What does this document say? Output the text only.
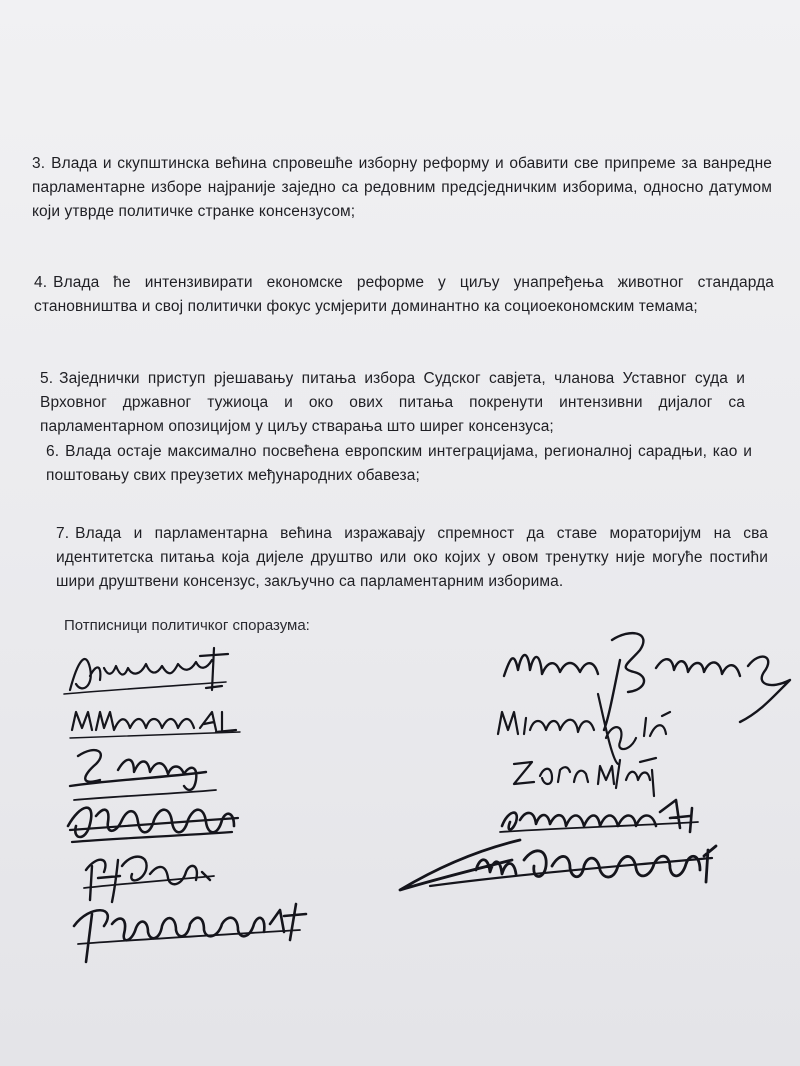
3. Влада и скупштинска већина спровешће изборну реформу и обавити све припреме за ванредне парламентарне изборе најраније заједно са редовним предсједничким изборима, односно датумом који утврде политичке странке консензусом;
4. Влада ће интензивирати економске реформе у циљу унапређења животног стандарда становништва и свој политички фокус усмјерити доминантно ка социоекономским темама;
5. Заједнички приступ рјешавању питања избора Судског савјета, чланова Уставног суда и Врховног државног тужиоца и око ових питања покренути интензивни дијалог са парламентарном опозицијом у циљу стварања што ширег консензуса;
6. Влада остаје максимално посвећена европским интеграцијама, регионалној сарадњи, као и поштовању свих преузетих међународних обавеза;
7. Влада и парламентарна већина изражавају спремност да ставе мораторијум на сва идентитетска питања која дијеле друштво или око којих у овом тренутку није могуће постићи шири друштвени консензус, закључно са парламентарним изборима.
Потписници политичког споразума:
